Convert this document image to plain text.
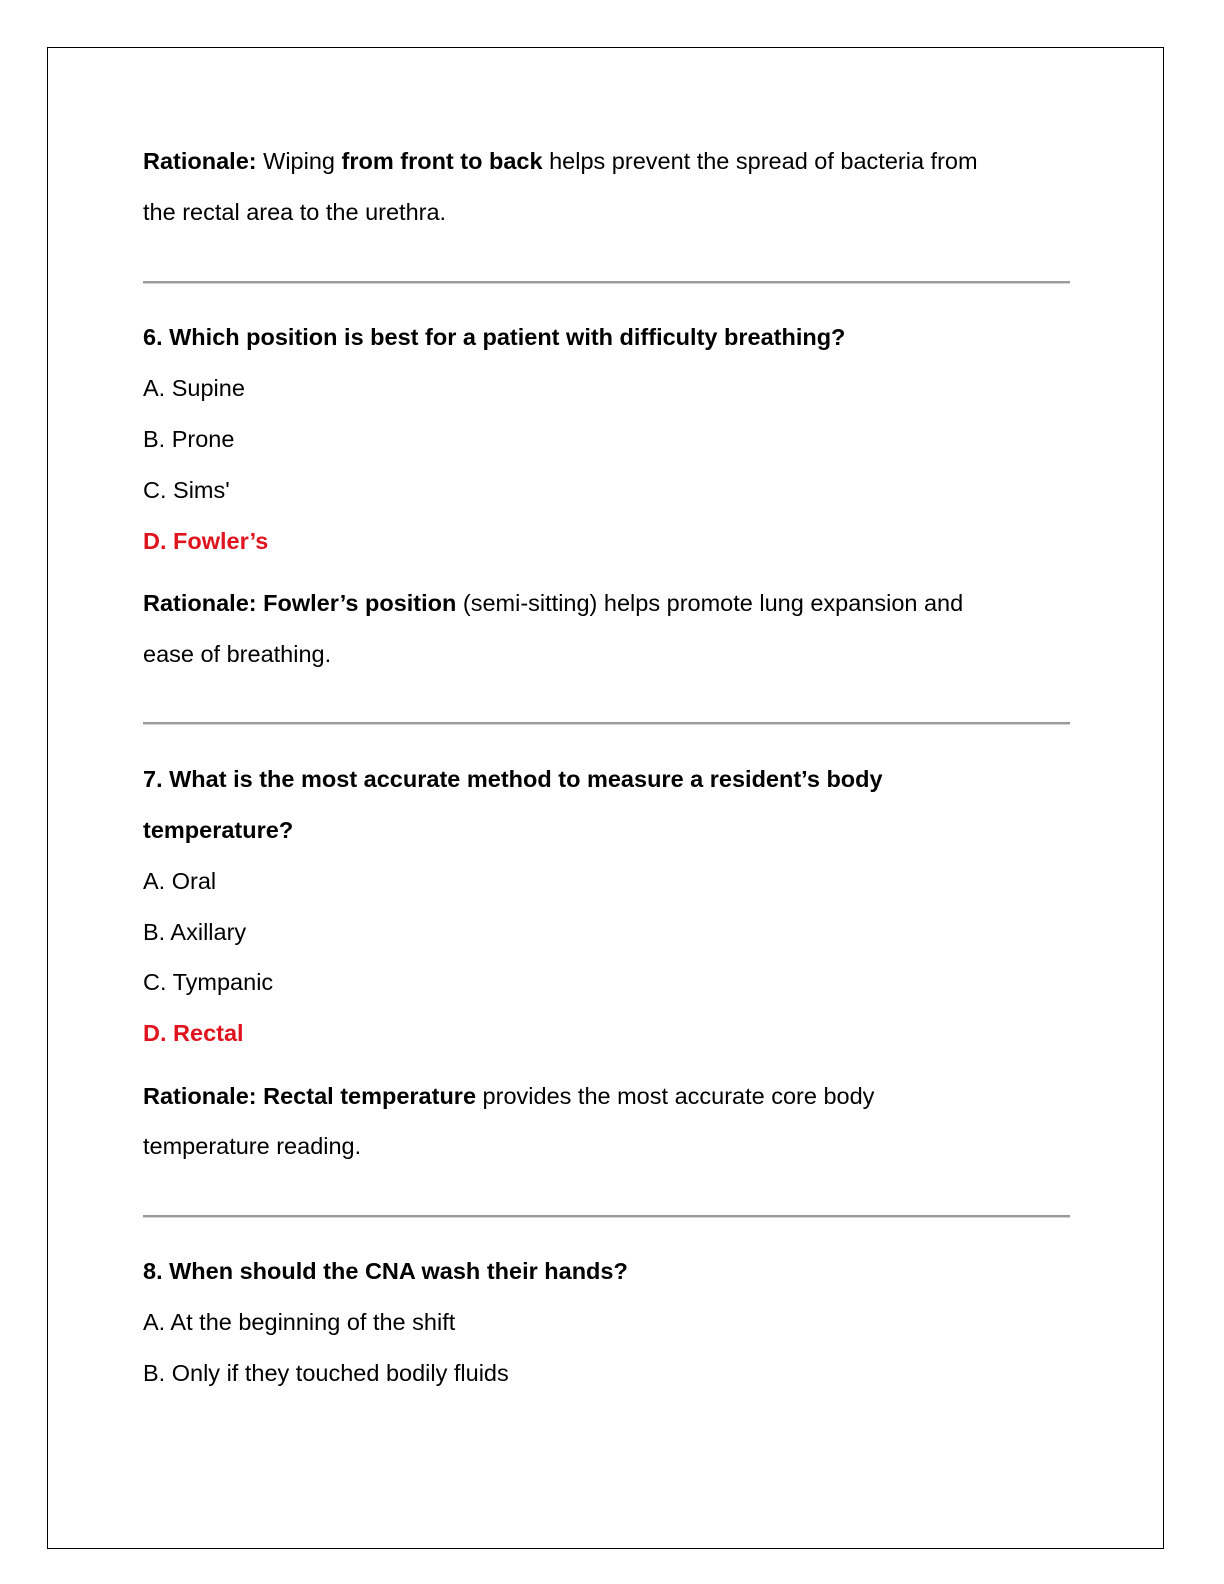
Rationale: Wiping from front to back helps prevent the spread of bacteria from
the rectal area to the urethra.
6. Which position is best for a patient with difficulty breathing?
A. Supine
B. Prone
C. Sims'
D. Fowler’s
Rationale: Fowler’s position (semi-sitting) helps promote lung expansion and
ease of breathing.
7. What is the most accurate method to measure a resident’s body
temperature?
A. Oral
B. Axillary
C. Tympanic
D. Rectal
Rationale: Rectal temperature provides the most accurate core body
temperature reading.
8. When should the CNA wash their hands?
A. At the beginning of the shift
B. Only if they touched bodily fluids
